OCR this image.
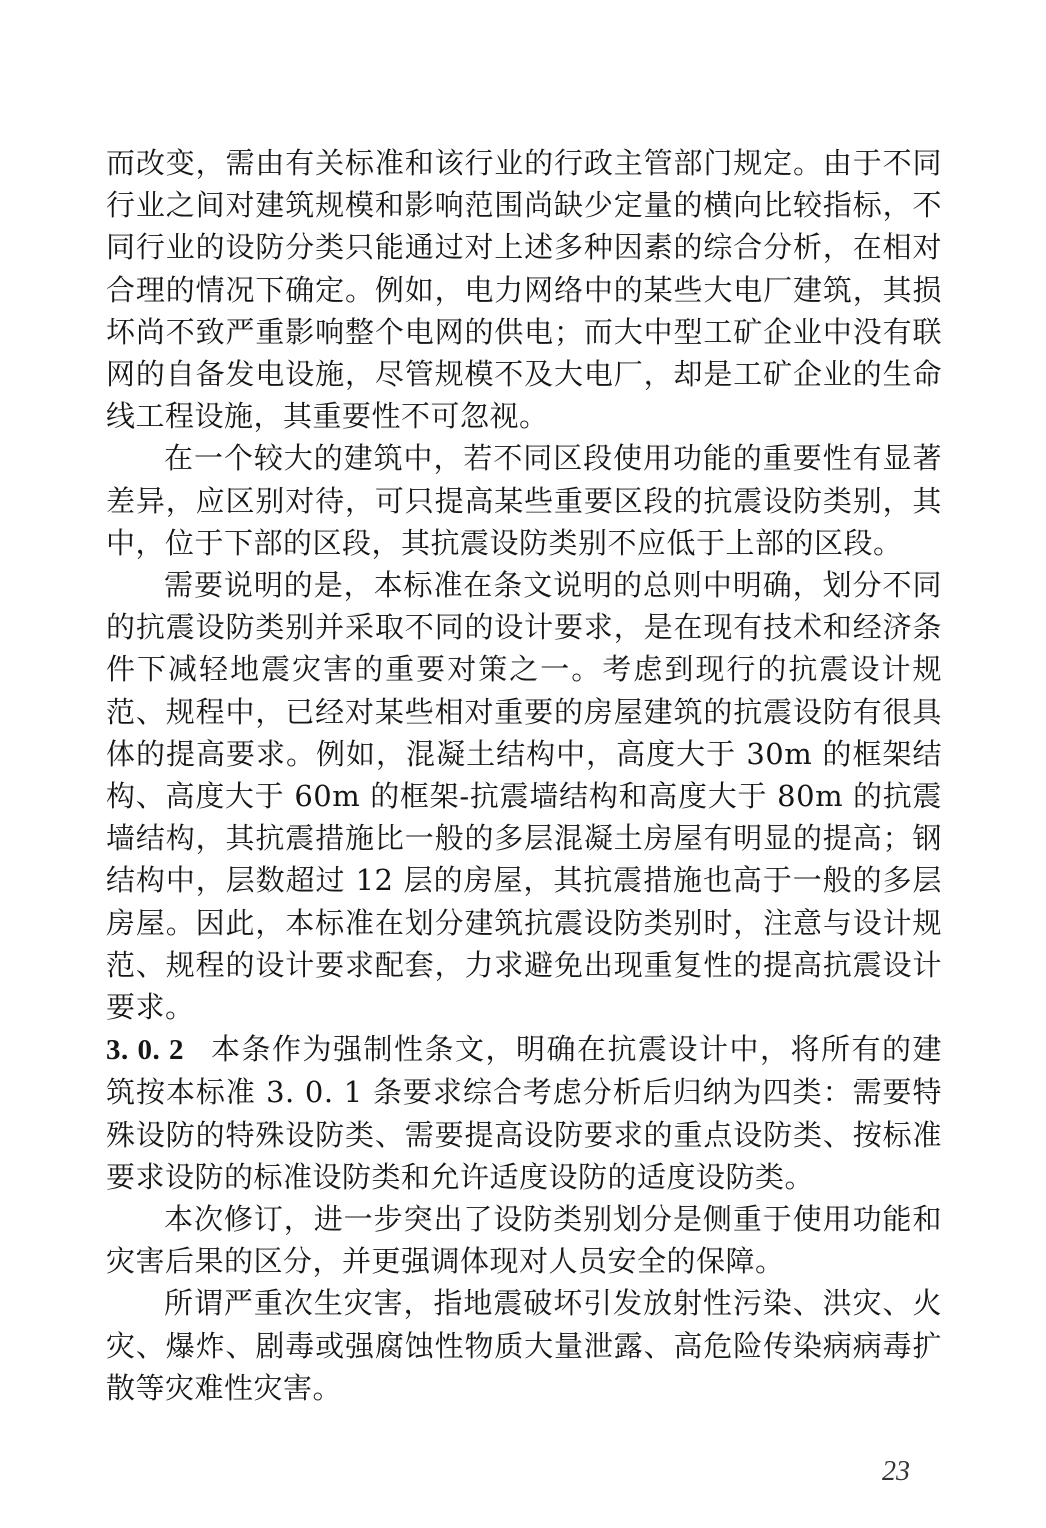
而改变，需由有关标准和该行业的行政主管部门规定。由于不同行业之间对建筑规模和影响范围尚缺少定量的横向比较指标，不同行业的设防分类只能通过对上述多种因素的综合分析，在相对合理的情况下确定。例如，电力网络中的某些大电厂建筑，其损坏尚不致严重影响整个电网的供电；而大中型工矿企业中没有联网的自备发电设施，尽管规模不及大电厂，却是工矿企业的生命线工程设施，其重要性不可忽视。

在一个较大的建筑中，若不同区段使用功能的重要性有显著差异，应区别对待，可只提高某些重要区段的抗震设防类别，其中，位于下部的区段，其抗震设防类别不应低于上部的区段。

需要说明的是，本标准在条文说明的总则中明确，划分不同的抗震设防类别并采取不同的设计要求，是在现有技术和经济条件下减轻地震灾害的重要对策之一。考虑到现行的抗震设计规范、规程中，已经对某些相对重要的房屋建筑的抗震设防有很具体的提高要求。例如，混凝土结构中，高度大于 30m 的框架结构、高度大于 60m 的框架-抗震墙结构和高度大于 80m 的抗震墙结构，其抗震措施比一般的多层混凝土房屋有明显的提高；钢结构中，层数超过 12 层的房屋，其抗震措施也高于一般的多层房屋。因此，本标准在划分建筑抗震设防类别时，注意与设计规范、规程的设计要求配套，力求避免出现重复性的提高抗震设计要求。

3. 0. 2 本条作为强制性条文，明确在抗震设计中，将所有的建筑按本标准 3. 0. 1 条要求综合考虑分析后归纳为四类：需要特殊设防的特殊设防类、需要提高设防要求的重点设防类、按标准要求设防的标准设防类和允许适度设防的适度设防类。

本次修订，进一步突出了设防类别划分是侧重于使用功能和灾害后果的区分，并更强调体现对人员安全的保障。

所谓严重次生灾害，指地震破坏引发放射性污染、洪灾、火灾、爆炸、剧毒或强腐蚀性物质大量泄露、高危险传染病病毒扩散等灾难性灾害。

23
